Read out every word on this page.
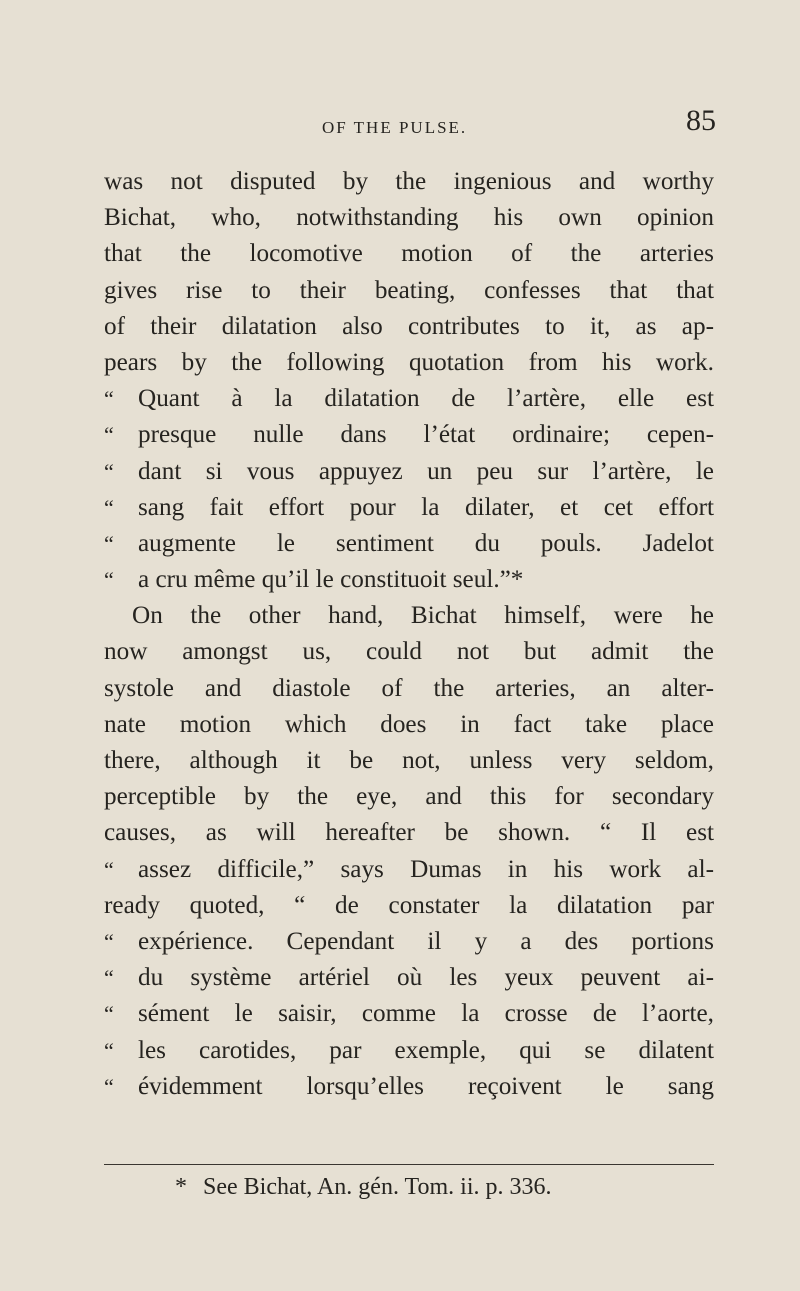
OF THE PULSE.	85
was not disputed by the ingenious and worthy
Bichat, who, notwithstanding his own opinion
that the locomotive motion of the arteries
gives rise to their beating, confesses that that
of their dilatation also contributes to it, as ap-
pears by the following quotation from his work.
“ Quant à la dilatation de l’artère, elle est
“ presque nulle dans l’état ordinaire; cepen-
“ dant si vous appuyez un peu sur l’artère, le
“ sang fait effort pour la dilater, et cet effort
“ augmente le sentiment du pouls. Jadelot
“ a cru même qu’il le constituoit seul.”*
On the other hand, Bichat himself, were he
now amongst us, could not but admit the
systole and diastole of the arteries, an alter-
nate motion which does in fact take place
there, although it be not, unless very seldom,
perceptible by the eye, and this for secondary
causes, as will hereafter be shown. “ Il est
“ assez difficile,” says Dumas in his work al-
ready quoted, “ de constater la dilatation par
“ expérience. Cependant il y a des portions
“ du système artériel où les yeux peuvent ai-
“ sément le saisir, comme la crosse de l’aorte,
“ les carotides, par exemple, qui se dilatent
“ évidemment lorsqu’elles reçoivent le sang
* See Bichat, An. gén. Tom. ii. p. 336.
